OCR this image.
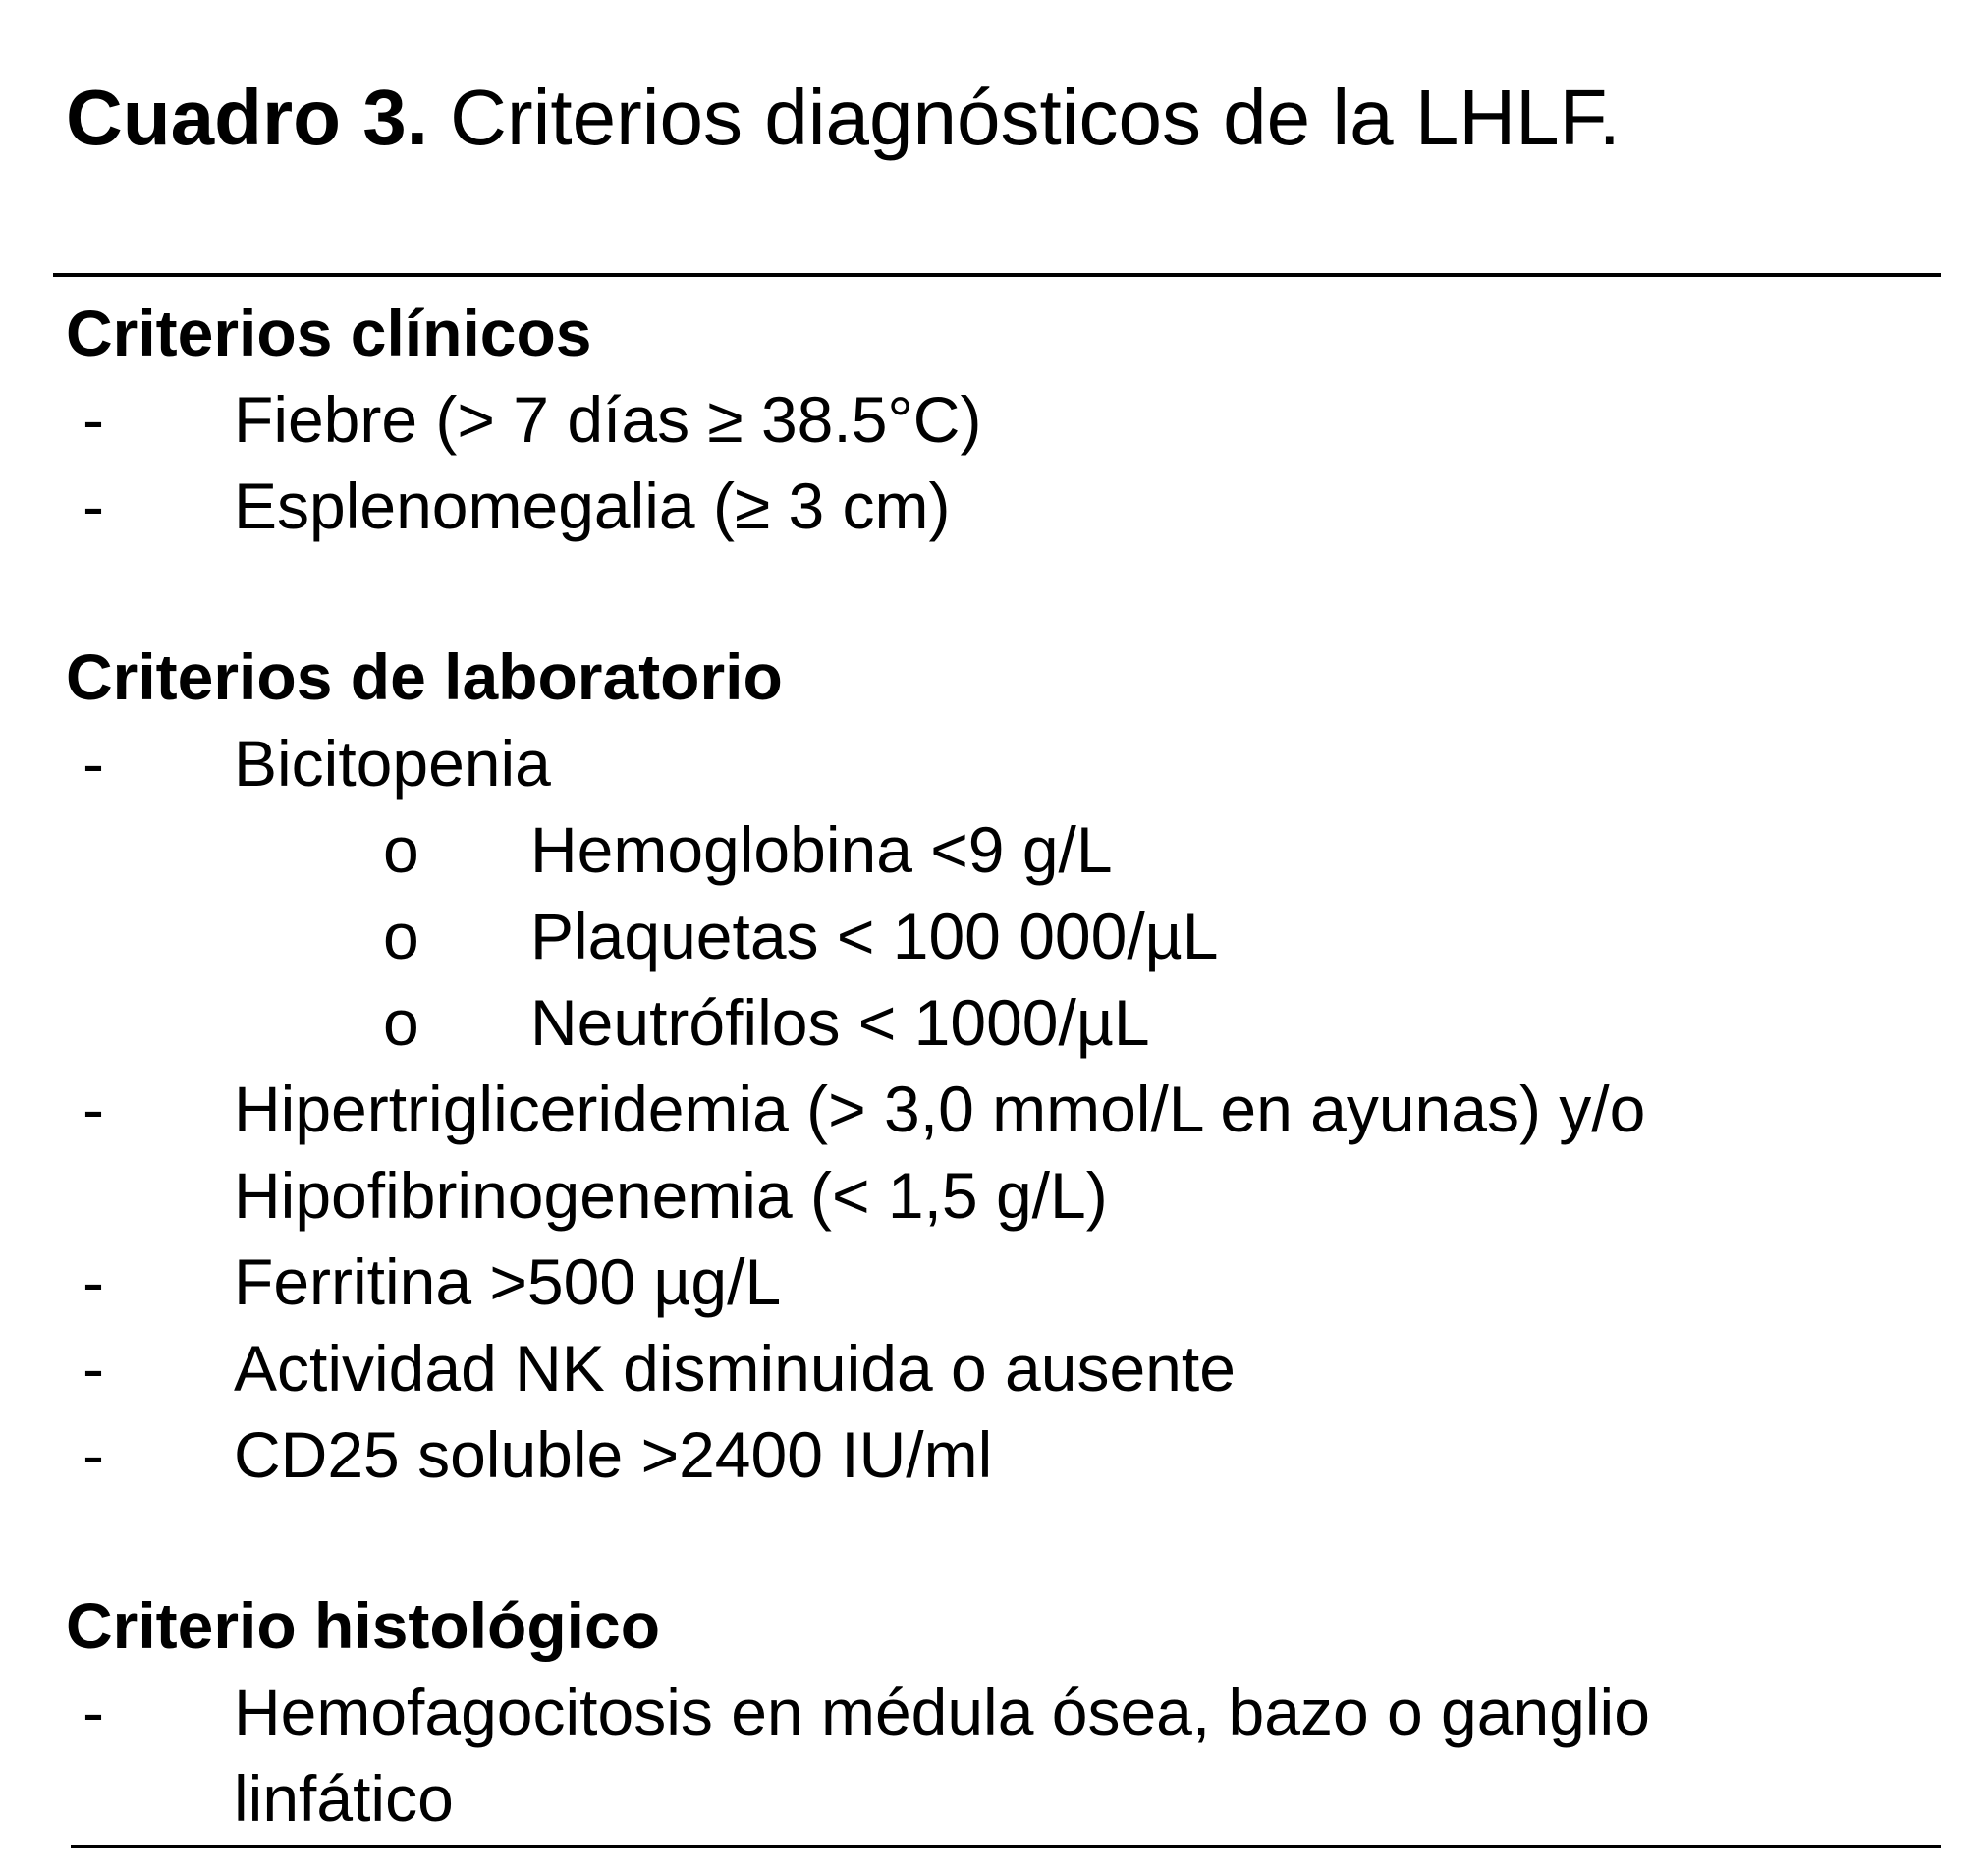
Cuadro 3. Criterios diagnósticos de la LHLF.
Criterios clínicos
- Fiebre (> 7 días ≥ 38.5°C)
- Esplenomegalia (≥ 3 cm)
Criterios de laboratorio
- Bicitopenia
o Hemoglobina <9 g/L
o Plaquetas < 100 000/µL
o Neutrófilos < 1000/µL
- Hipertrigliceridemia (> 3,0 mmol/L en ayunas) y/o
Hipofibrinogenemia (< 1,5 g/L)
- Ferritina >500 µg/L
- Actividad NK disminuida o ausente
- CD25 soluble >2400 IU/ml
Criterio histológico
- Hemofagocitosis en médula ósea, bazo o ganglio
linfático
